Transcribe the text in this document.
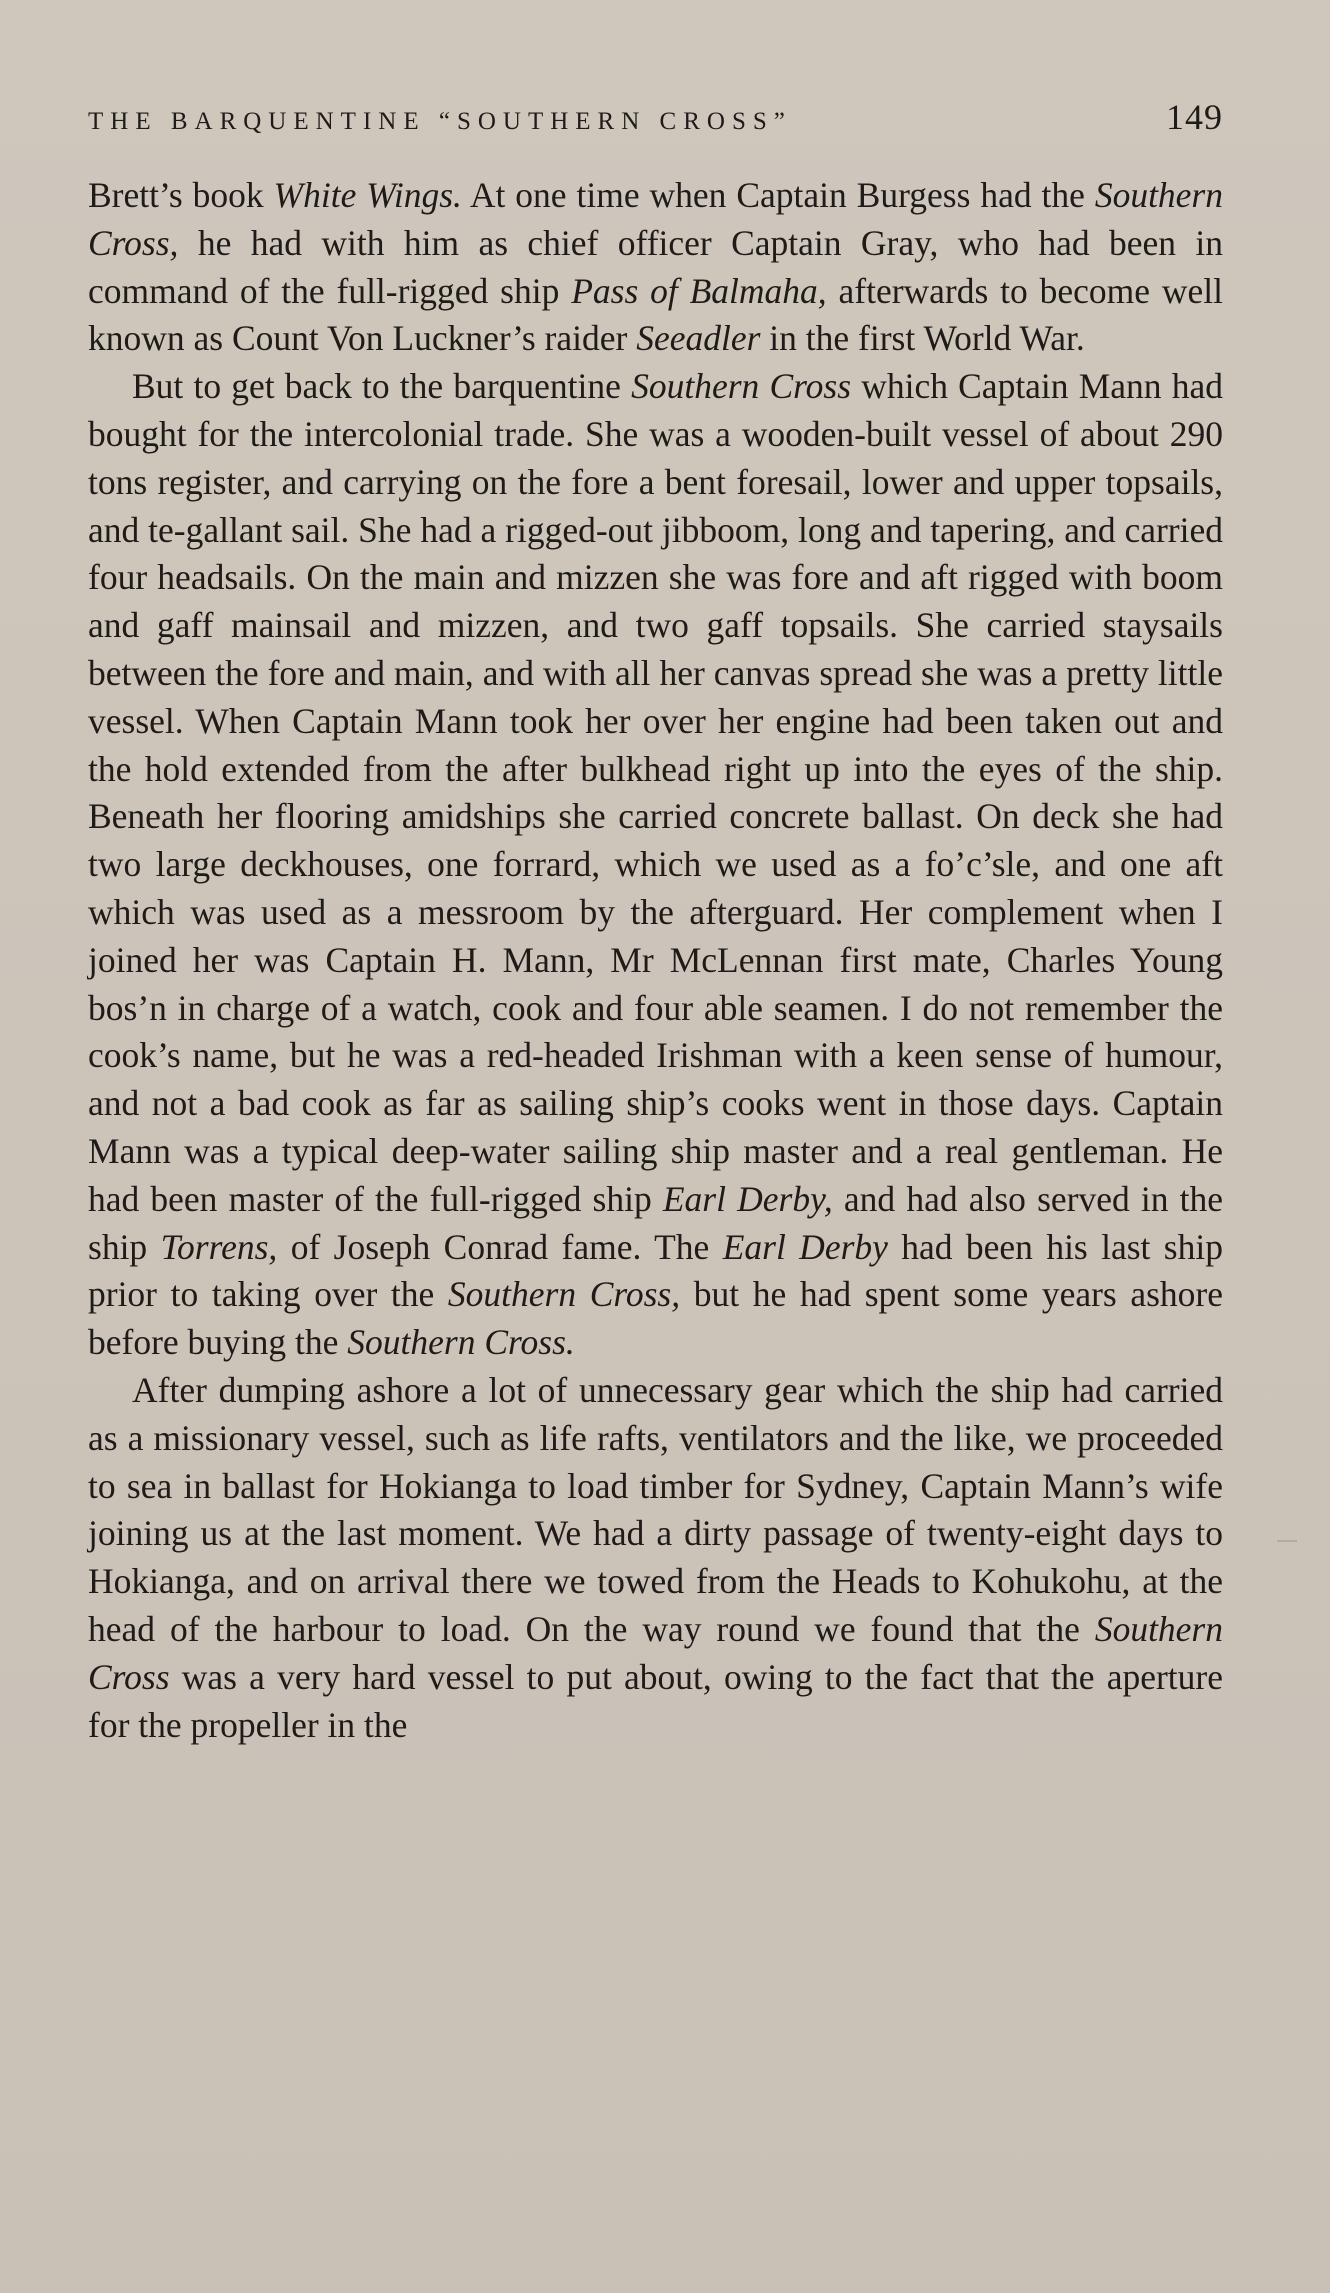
THE BARQUENTINE “SOUTHERN CROSS”	149

Brett’s book White Wings. At one time when Captain Burgess had the Southern Cross, he had with him as chief officer Captain Gray, who had been in command of the full-rigged ship Pass of Balmaha, afterwards to become well known as Count Von Luckner’s raider Seeadler in the first World War.

But to get back to the barquentine Southern Cross which Captain Mann had bought for the intercolonial trade. She was a wooden-built vessel of about 290 tons register, and carrying on the fore a bent foresail, lower and upper topsails, and te-gallant sail. She had a rigged-out jibboom, long and tapering, and carried four headsails. On the main and mizzen she was fore and aft rigged with boom and gaff mainsail and mizzen, and two gaff topsails. She carried staysails between the fore and main, and with all her canvas spread she was a pretty little vessel. When Captain Mann took her over her engine had been taken out and the hold extended from the after bulkhead right up into the eyes of the ship. Beneath her flooring amidships she carried concrete ballast. On deck she had two large deckhouses, one forrard, which we used as a fo’c’sle, and one aft which was used as a messroom by the afterguard. Her complement when I joined her was Captain H. Mann, Mr McLennan first mate, Charles Young bos’n in charge of a watch, cook and four able seamen. I do not remember the cook’s name, but he was a red-headed Irishman with a keen sense of humour, and not a bad cook as far as sailing ship’s cooks went in those days. Captain Mann was a typical deep-water sailing ship master and a real gentleman. He had been master of the full-rigged ship Earl Derby, and had also served in the ship Torrens, of Joseph Conrad fame. The Earl Derby had been his last ship prior to taking over the Southern Cross, but he had spent some years ashore before buying the Southern Cross.

After dumping ashore a lot of unnecessary gear which the ship had carried as a missionary vessel, such as life rafts, ventilators and the like, we proceeded to sea in ballast for Hokianga to load timber for Sydney, Captain Mann’s wife joining us at the last moment. We had a dirty passage of twenty-eight days to Hokianga, and on arrival there we towed from the Heads to Kohukohu, at the head of the harbour to load. On the way round we found that the Southern Cross was a very hard vessel to put about, owing to the fact that the aperture for the propeller in the
